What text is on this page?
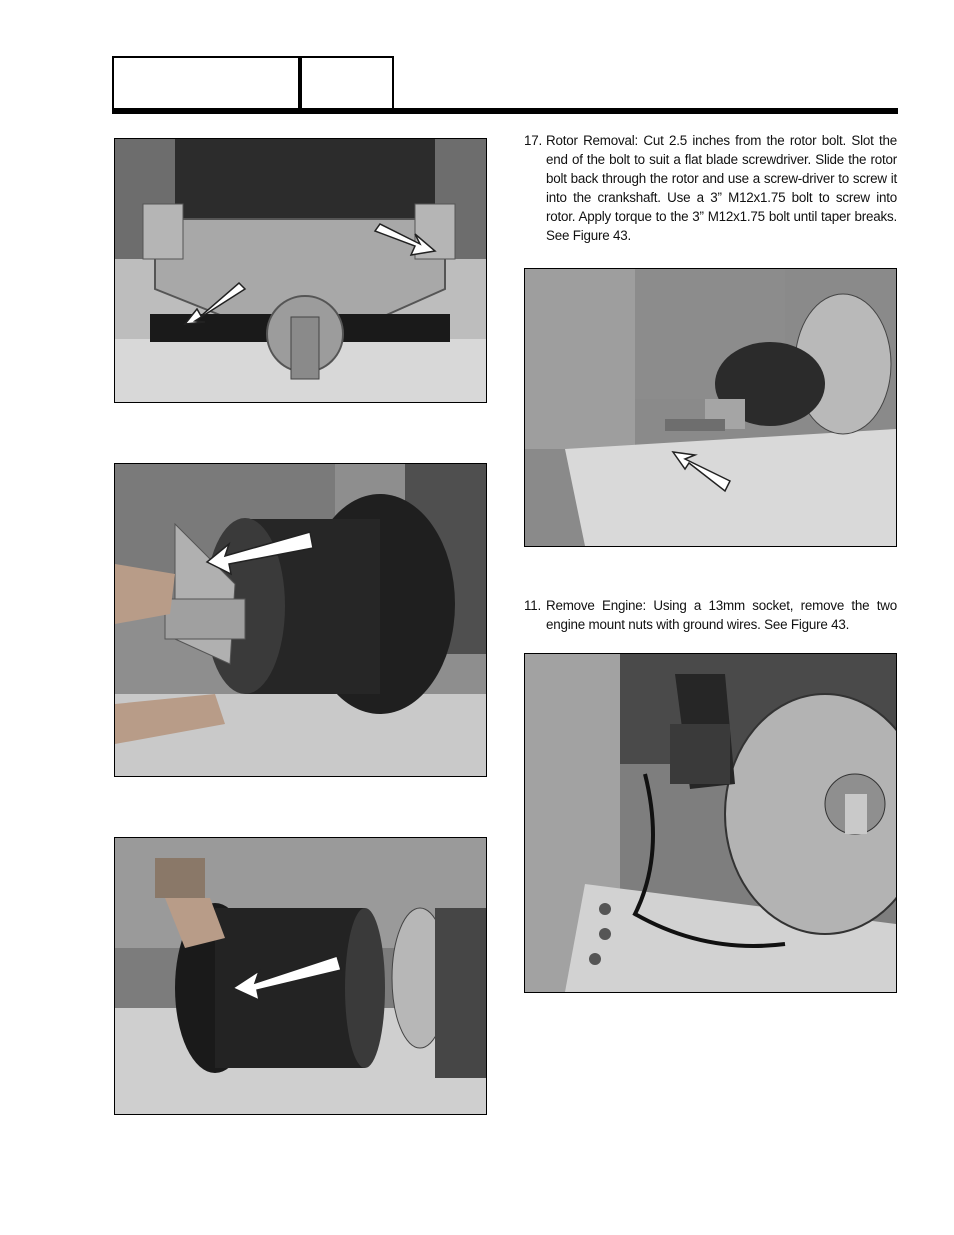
17. Rotor Removal: Cut 2.5 inches from the rotor bolt. Slot the end of the bolt to suit a flat blade screwdriver. Slide the rotor bolt back through the rotor and use a screw-driver to screw it into the crankshaft. Use a 3” M12x1.75 bolt to screw into rotor. Apply torque to the 3” M12x1.75 bolt until taper breaks. See Figure 43.
11. Remove Engine: Using a 13mm socket, remove the two engine mount nuts with ground wires. See Figure 43.
